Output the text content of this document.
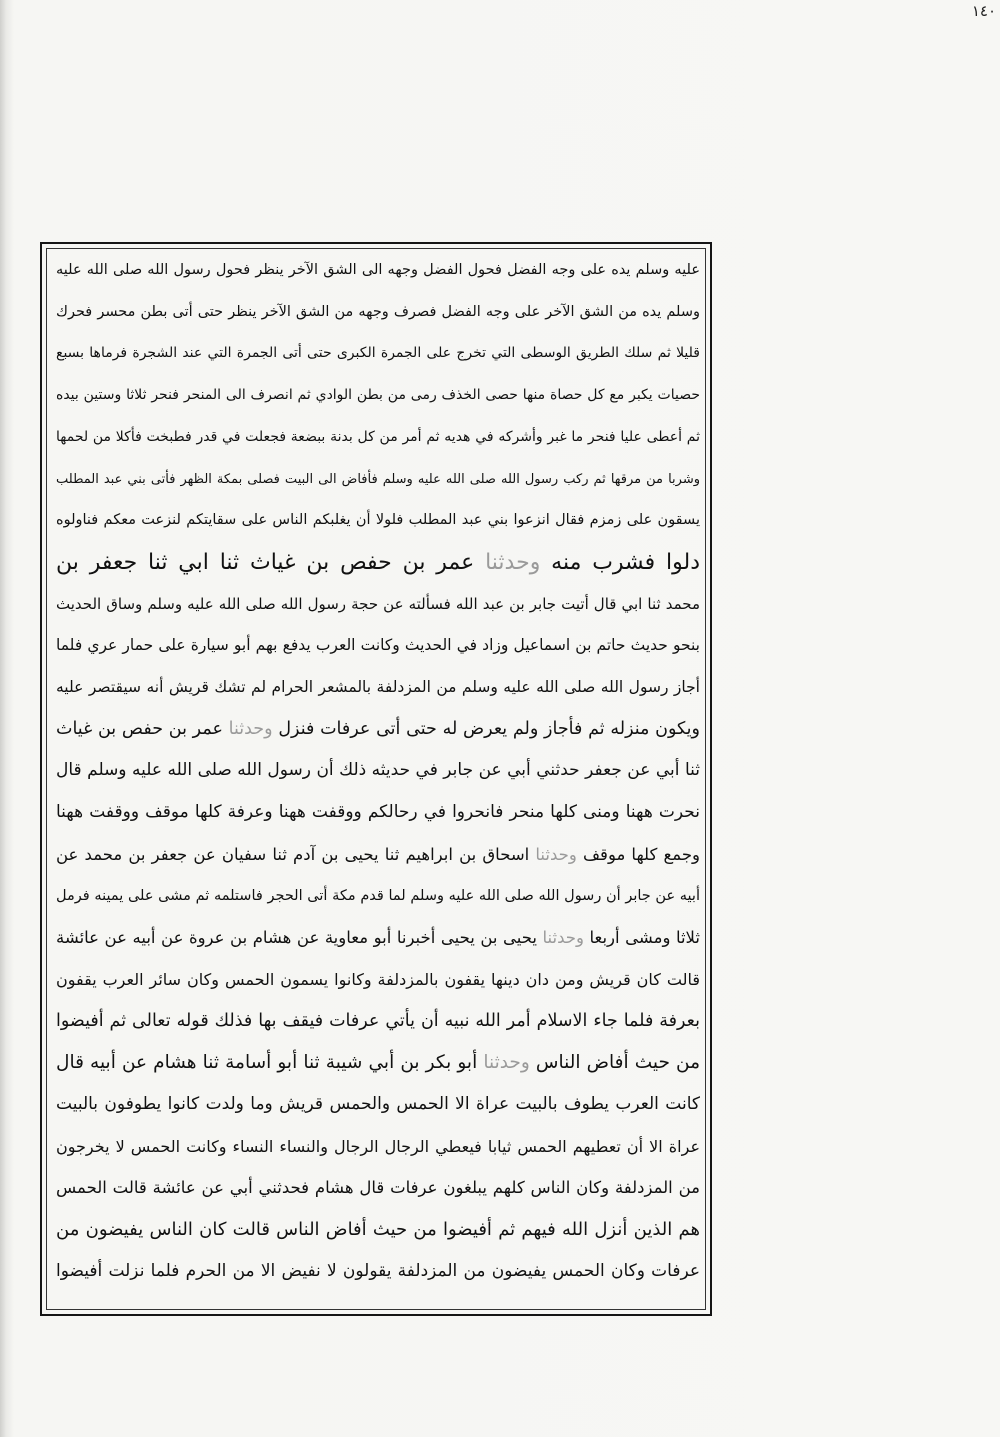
١٤٠
عليه وسلم يده على وجه الفضل فحول الفضل وجهه الى الشق الآخر ينظر فحول رسول الله صلى الله عليه
وسلم يده من الشق الآخر على وجه الفضل فصرف وجهه من الشق الآخر ينظر حتى أتى بطن محسر فحرك
قليلا ثم سلك الطريق الوسطى التي تخرج على الجمرة الكبرى حتى أتى الجمرة التي عند الشجرة فرماها بسبع
حصيات يكبر مع كل حصاة منها حصى الخذف رمى من بطن الوادي ثم انصرف الى المنحر فنحر ثلاثا وستين بيده
ثم أعطى عليا فنحر ما غبر وأشركه في هديه ثم أمر من كل بدنة ببضعة فجعلت في قدر فطبخت فأكلا من لحمها
وشربا من مرقها ثم ركب رسول الله صلى الله عليه وسلم فأفاض الى البيت فصلى بمكة الظهر فأتى بني عبد المطلب
يسقون على زمزم فقال انزعوا بني عبد المطلب فلولا أن يغلبكم الناس على سقايتكم لنزعت معكم فناولوه
دلوا فشرب منه وحدثنا عمر بن حفص بن غياث ثنا ابي ثنا جعفر بن
محمد ثنا ابي قال أتيت جابر بن عبد الله فسألته عن حجة رسول الله صلى الله عليه وسلم وساق الحديث
بنحو حديث حاتم بن اسماعيل وزاد في الحديث وكانت العرب يدفع بهم أبو سيارة على حمار عري فلما
أجاز رسول الله صلى الله عليه وسلم من المزدلفة بالمشعر الحرام لم تشك قريش أنه سيقتصر عليه
ويكون منزله ثم فأجاز ولم يعرض له حتى أتى عرفات فنزل وحدثنا عمر بن حفص بن غياث
ثنا أبي عن جعفر حدثني أبي عن جابر في حديثه ذلك أن رسول الله صلى الله عليه وسلم قال
نحرت ههنا ومنى كلها منحر فانحروا في رحالكم ووقفت ههنا وعرفة كلها موقف ووقفت ههنا
وجمع كلها موقف وحدثنا اسحاق بن ابراهيم ثنا يحيى بن آدم ثنا سفيان عن جعفر بن محمد عن
أبيه عن جابر أن رسول الله صلى الله عليه وسلم لما قدم مكة أتى الحجر فاستلمه ثم مشى على يمينه فرمل
ثلاثا ومشى أربعا وحدثنا يحيى بن يحيى أخبرنا أبو معاوية عن هشام بن عروة عن أبيه عن عائشة
قالت كان قريش ومن دان دينها يقفون بالمزدلفة وكانوا يسمون الحمس وكان سائر العرب يقفون
بعرفة فلما جاء الاسلام أمر الله نبيه أن يأتي عرفات فيقف بها فذلك قوله تعالى ثم أفيضوا
من حيث أفاض الناس وحدثنا أبو بكر بن أبي شيبة ثنا أبو أسامة ثنا هشام عن أبيه قال
كانت العرب يطوف بالبيت عراة الا الحمس والحمس قريش وما ولدت كانوا يطوفون بالبيت
عراة الا أن تعطيهم الحمس ثيابا فيعطي الرجال الرجال والنساء النساء وكانت الحمس لا يخرجون
من المزدلفة وكان الناس كلهم يبلغون عرفات قال هشام فحدثني أبي عن عائشة قالت الحمس
هم الذين أنزل الله فيهم ثم أفيضوا من حيث أفاض الناس قالت كان الناس يفيضون من
عرفات وكان الحمس يفيضون من المزدلفة يقولون لا نفيض الا من الحرم فلما نزلت أفيضوا
